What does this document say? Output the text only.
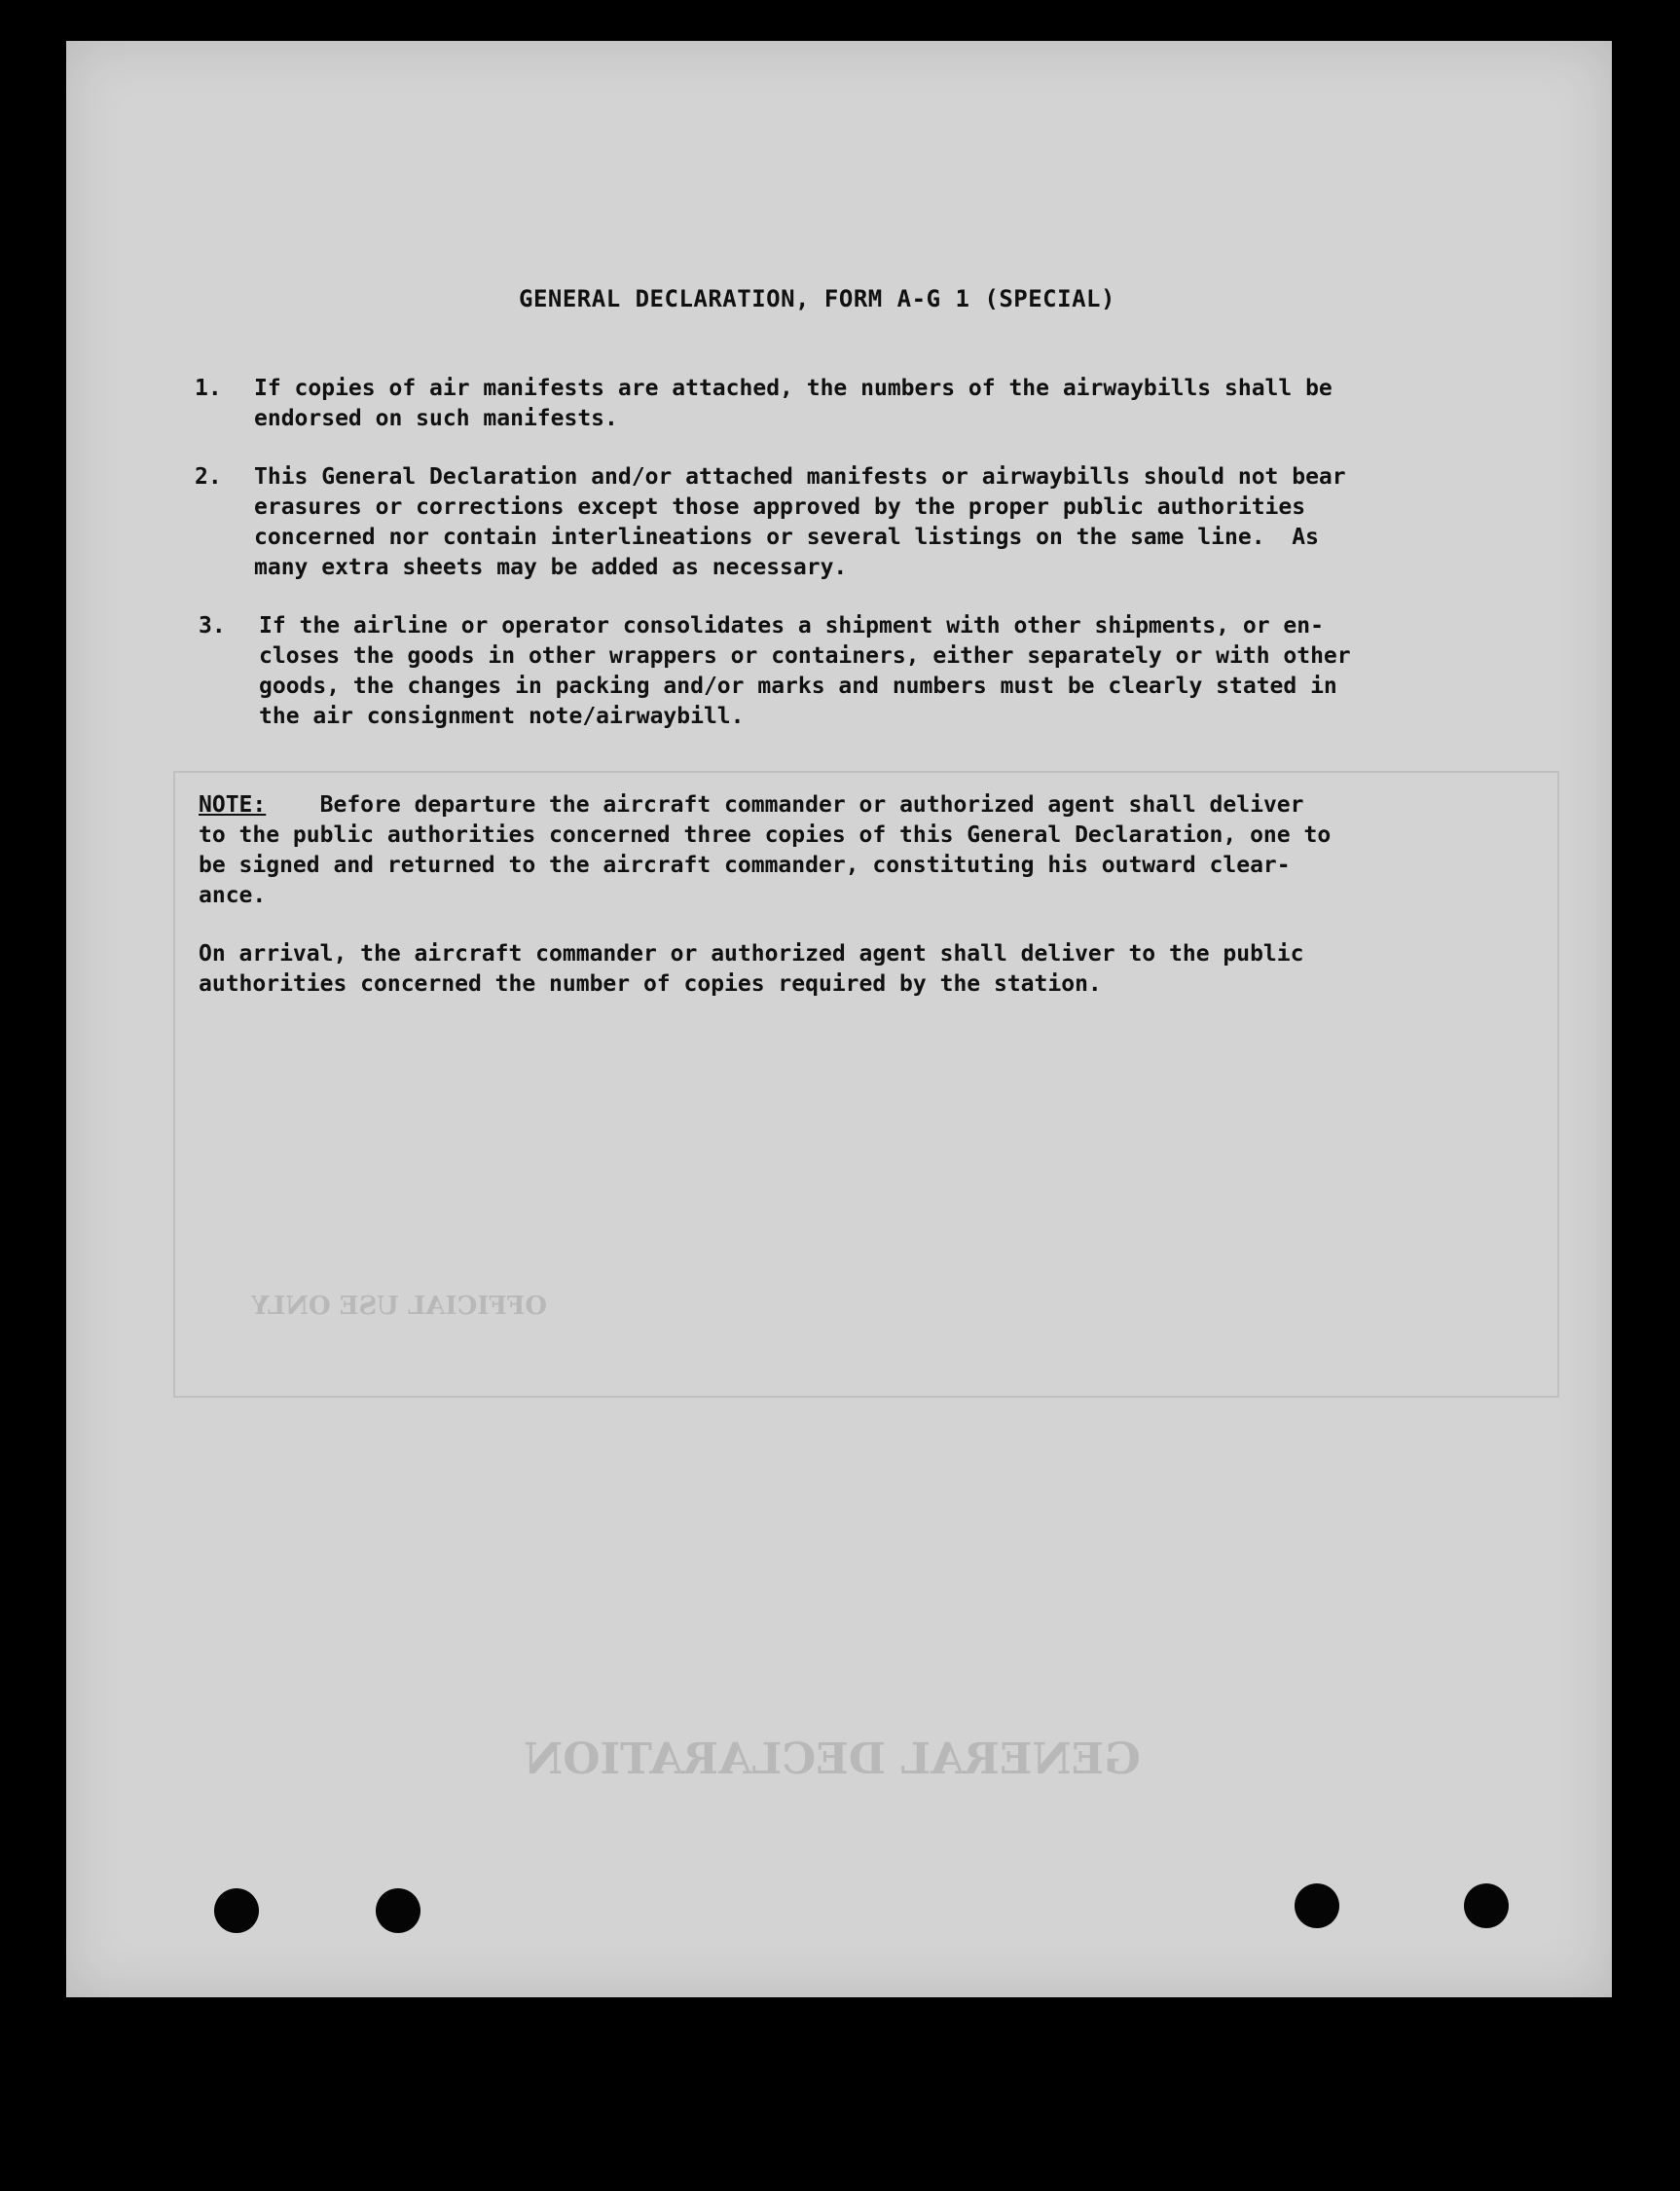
GENERAL DECLARATION
OFFICIAL USE ONLY
GENERAL DECLARATION, FORM A-G 1 (SPECIAL)
1. If copies of air manifests are attached, the numbers of the airwaybills shall be
endorsed on such manifests.
2. This General Declaration and/or attached manifests or airwaybills should not bear
erasures or corrections except those approved by the proper public authorities
concerned nor contain interlineations or several listings on the same line.  As
many extra sheets may be added as necessary.
3. If the airline or operator consolidates a shipment with other shipments, or en-
closes the goods in other wrappers or containers, either separately or with other
goods, the changes in packing and/or marks and numbers must be clearly stated in
the air consignment note/airwaybill.
NOTE:    Before departure the aircraft commander or authorized agent shall deliver
to the public authorities concerned three copies of this General Declaration, one to
be signed and returned to the aircraft commander, constituting his outward clear-
ance.
On arrival, the aircraft commander or authorized agent shall deliver to the public
authorities concerned the number of copies required by the station.
